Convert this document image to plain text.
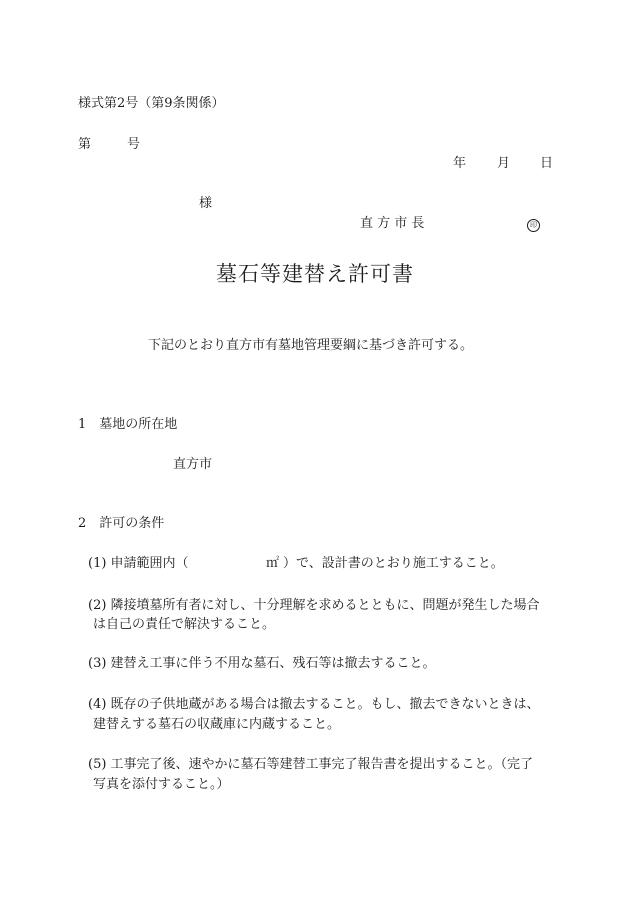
様式第2号（第9条関係）
第	号
年 月 日
様
直 方 市 長	印
墓石等建替え許可書
下記のとおり直方市有墓地管理要綱に基づき許可する。
1　墓地の所在地
直方市
2　許可の条件
(1) 申請範囲内（	㎡ ）で、設計書のとおり施工すること。
(2) 隣接墳墓所有者に対し、十分理解を求めるとともに、問題が発生した場合
は自己の責任で解決すること。
(3) 建替え工事に伴う不用な墓石、残石等は撤去すること。
(4) 既存の子供地蔵がある場合は撤去すること。もし、撤去できないときは、
建替えする墓石の収蔵庫に内蔵すること。
(5) 工事完了後、速やかに墓石等建替工事完了報告書を提出すること。（完了
写真を添付すること。）
